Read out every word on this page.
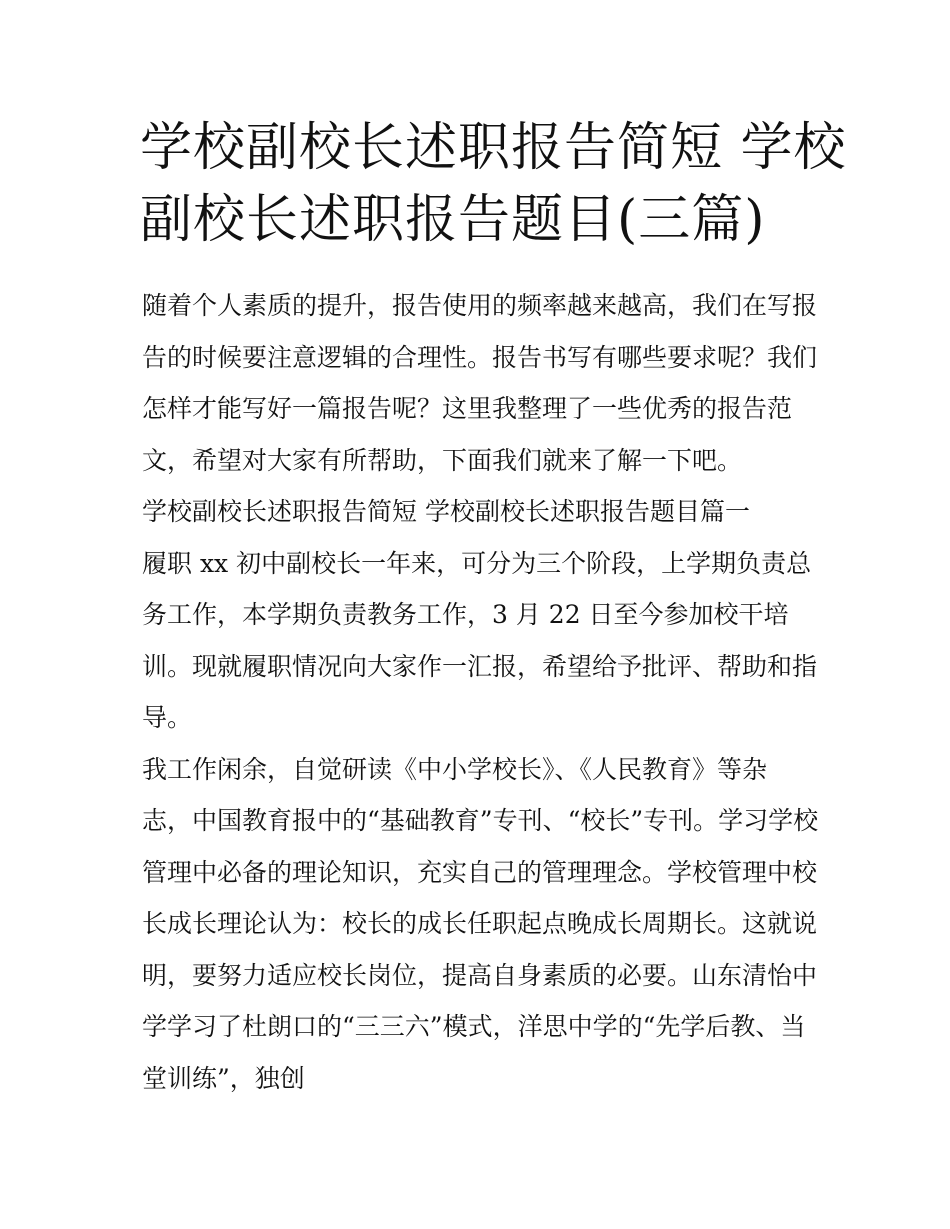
学校副校长述职报告简短 学校
副校长述职报告题目(三篇)
随着个人素质的提升，报告使用的频率越来越高，我们在写报
告的时候要注意逻辑的合理性。报告书写有哪些要求呢？我们
怎样才能写好一篇报告呢？这里我整理了一些优秀的报告范
文，希望对大家有所帮助，下面我们就来了解一下吧。
学校副校长述职报告简短 学校副校长述职报告题目篇一
履职 xx 初中副校长一年来，可分为三个阶段，上学期负责总
务工作，本学期负责教务工作，3 月 22 日至今参加校干培
训。现就履职情况向大家作一汇报，希望给予批评、帮助和指
导。
我工作闲余，自觉研读《中小学校长》、《人民教育》等杂
志，中国教育报中的“基础教育”专刊、“校长”专刊。学习学校
管理中必备的理论知识，充实自己的管理理念。学校管理中校
长成长理论认为：校长的成长任职起点晚成长周期长。这就说
明，要努力适应校长岗位，提高自身素质的必要。山东清怡中
学学习了杜朗口的“三三六”模式，洋思中学的“先学后教、当
堂训练”，独创
